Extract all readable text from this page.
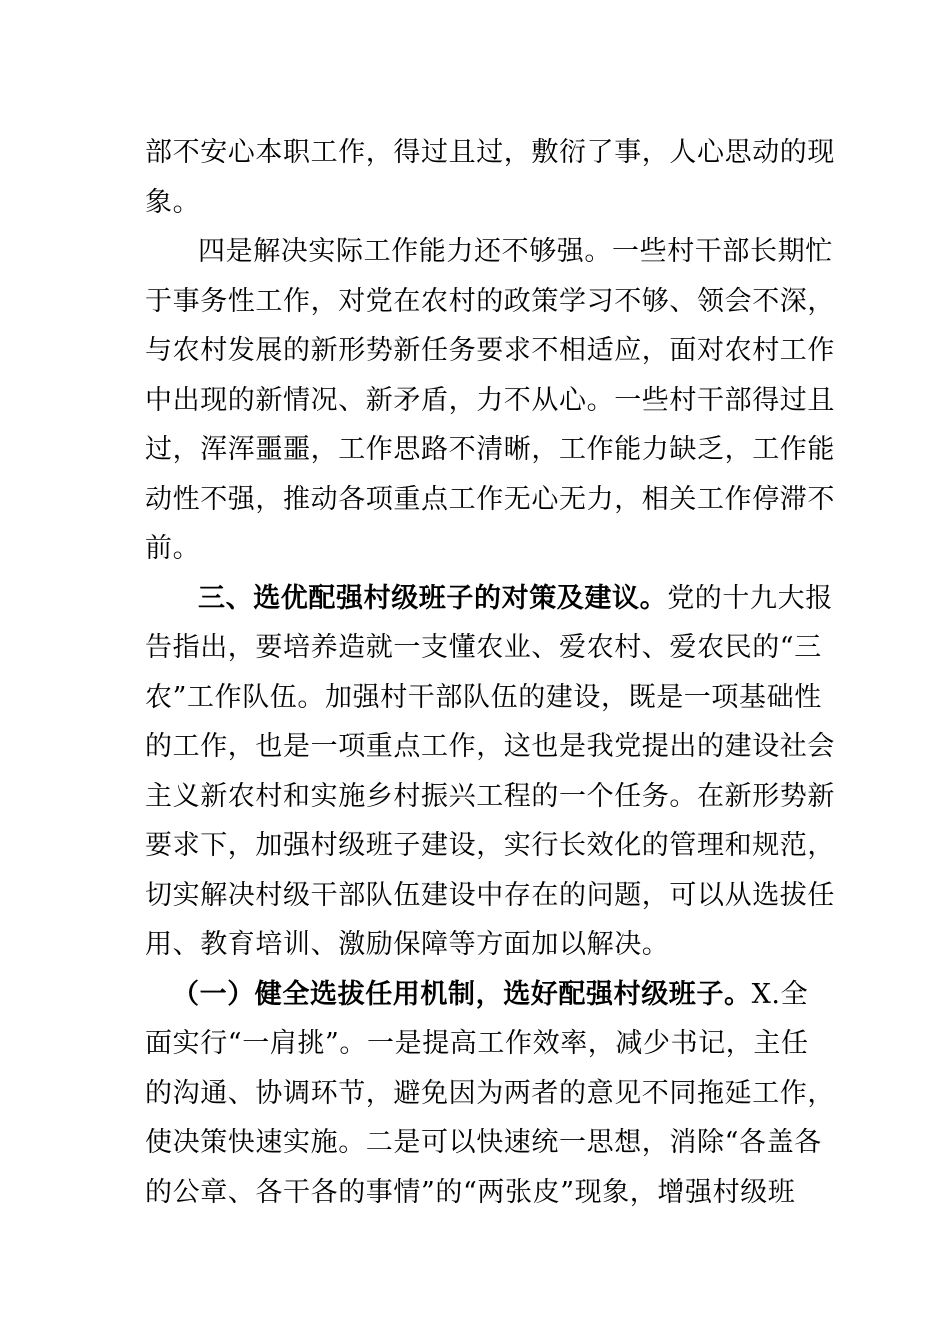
部不安心本职工作，得过且过，敷衍了事，人心思动的现
象。
四是解决实际工作能力还不够强。一些村干部长期忙
于事务性工作，对党在农村的政策学习不够、领会不深，
与农村发展的新形势新任务要求不相适应，面对农村工作
中出现的新情况、新矛盾，力不从心。一些村干部得过且
过，浑浑噩噩，工作思路不清晰，工作能力缺乏，工作能
动性不强，推动各项重点工作无心无力，相关工作停滞不
前。
三、选优配强村级班子的对策及建议。党的十九大报
告指出，要培养造就一支懂农业、爱农村、爱农民的“三
农”工作队伍。加强村干部队伍的建设，既是一项基础性
的工作，也是一项重点工作，这也是我党提出的建设社会
主义新农村和实施乡村振兴工程的一个任务。在新形势新
要求下，加强村级班子建设，实行长效化的管理和规范，
切实解决村级干部队伍建设中存在的问题，可以从选拔任
用、教育培训、激励保障等方面加以解决。
（一）健全选拔任用机制，选好配强村级班子。X.全
面实行“一肩挑”。一是提高工作效率，减少书记，主任
的沟通、协调环节，避免因为两者的意见不同拖延工作，
使决策快速实施。二是可以快速统一思想，消除“各盖各
的公章、各干各的事情”的“两张皮”现象，增强村级班
